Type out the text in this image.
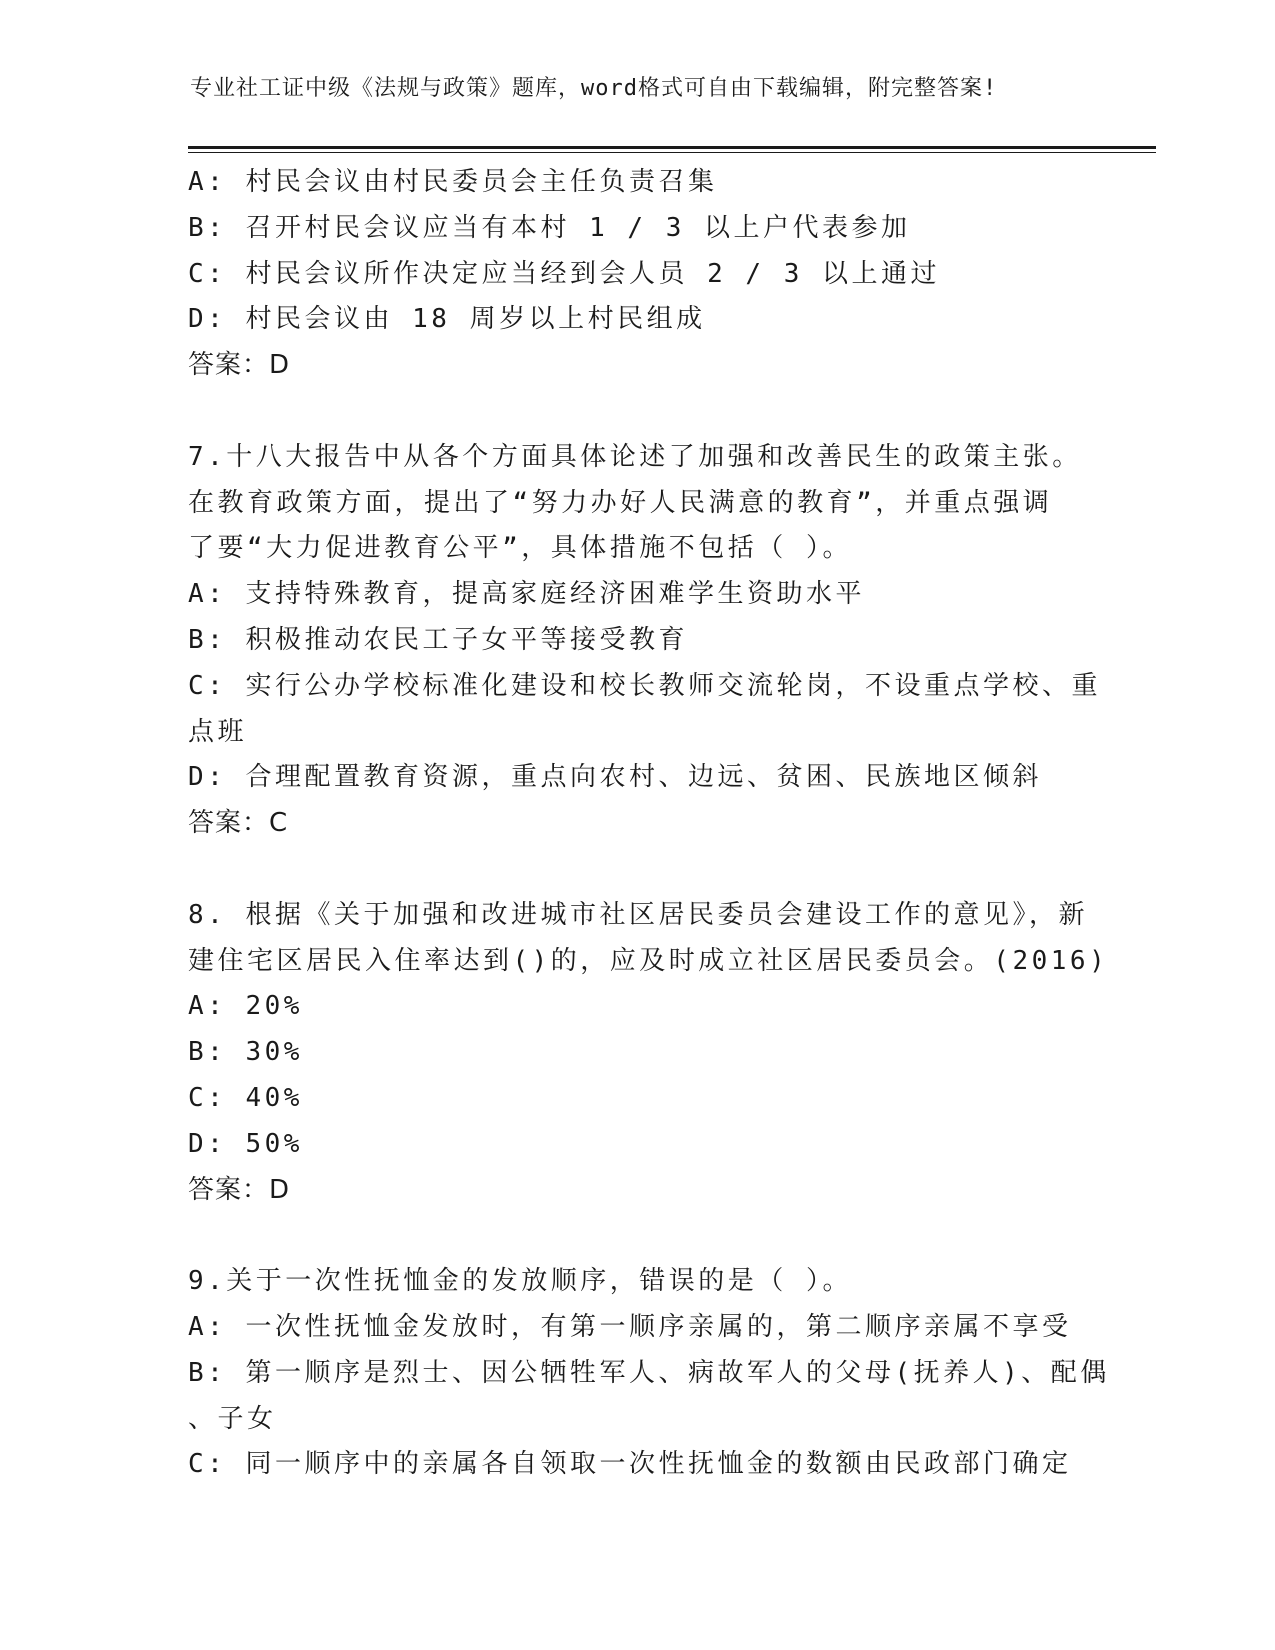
专业社工证中级《法规与政策》题库，word格式可自由下载编辑，附完整答案!
A: 村民会议由村民委员会主任负责召集
B: 召开村民会议应当有本村 1 / 3 以上户代表参加
C: 村民会议所作决定应当经到会人员 2 / 3 以上通过
D: 村民会议由 18 周岁以上村民组成
答案：D
7.十八大报告中从各个方面具体论述了加强和改善民生的政策主张。
在教育政策方面，提出了“努力办好人民满意的教育”，并重点强调
了要“大力促进教育公平”，具体措施不包括（ ）。
A: 支持特殊教育，提高家庭经济困难学生资助水平
B: 积极推动农民工子女平等接受教育
C: 实行公办学校标准化建设和校长教师交流轮岗，不设重点学校、重
点班
D: 合理配置教育资源，重点向农村、边远、贫困、民族地区倾斜
答案：C
8. 根据《关于加强和改进城市社区居民委员会建设工作的意见》，新
建住宅区居民入住率达到()的，应及时成立社区居民委员会。(2016)
A: 20%
B: 30%
C: 40%
D: 50%
答案：D
9.关于一次性抚恤金的发放顺序，错误的是（ ）。
A: 一次性抚恤金发放时，有第一顺序亲属的，第二顺序亲属不享受
B: 第一顺序是烈士、因公牺牲军人、病故军人的父母(抚养人)、配偶
、子女
C: 同一顺序中的亲属各自领取一次性抚恤金的数额由民政部门确定
